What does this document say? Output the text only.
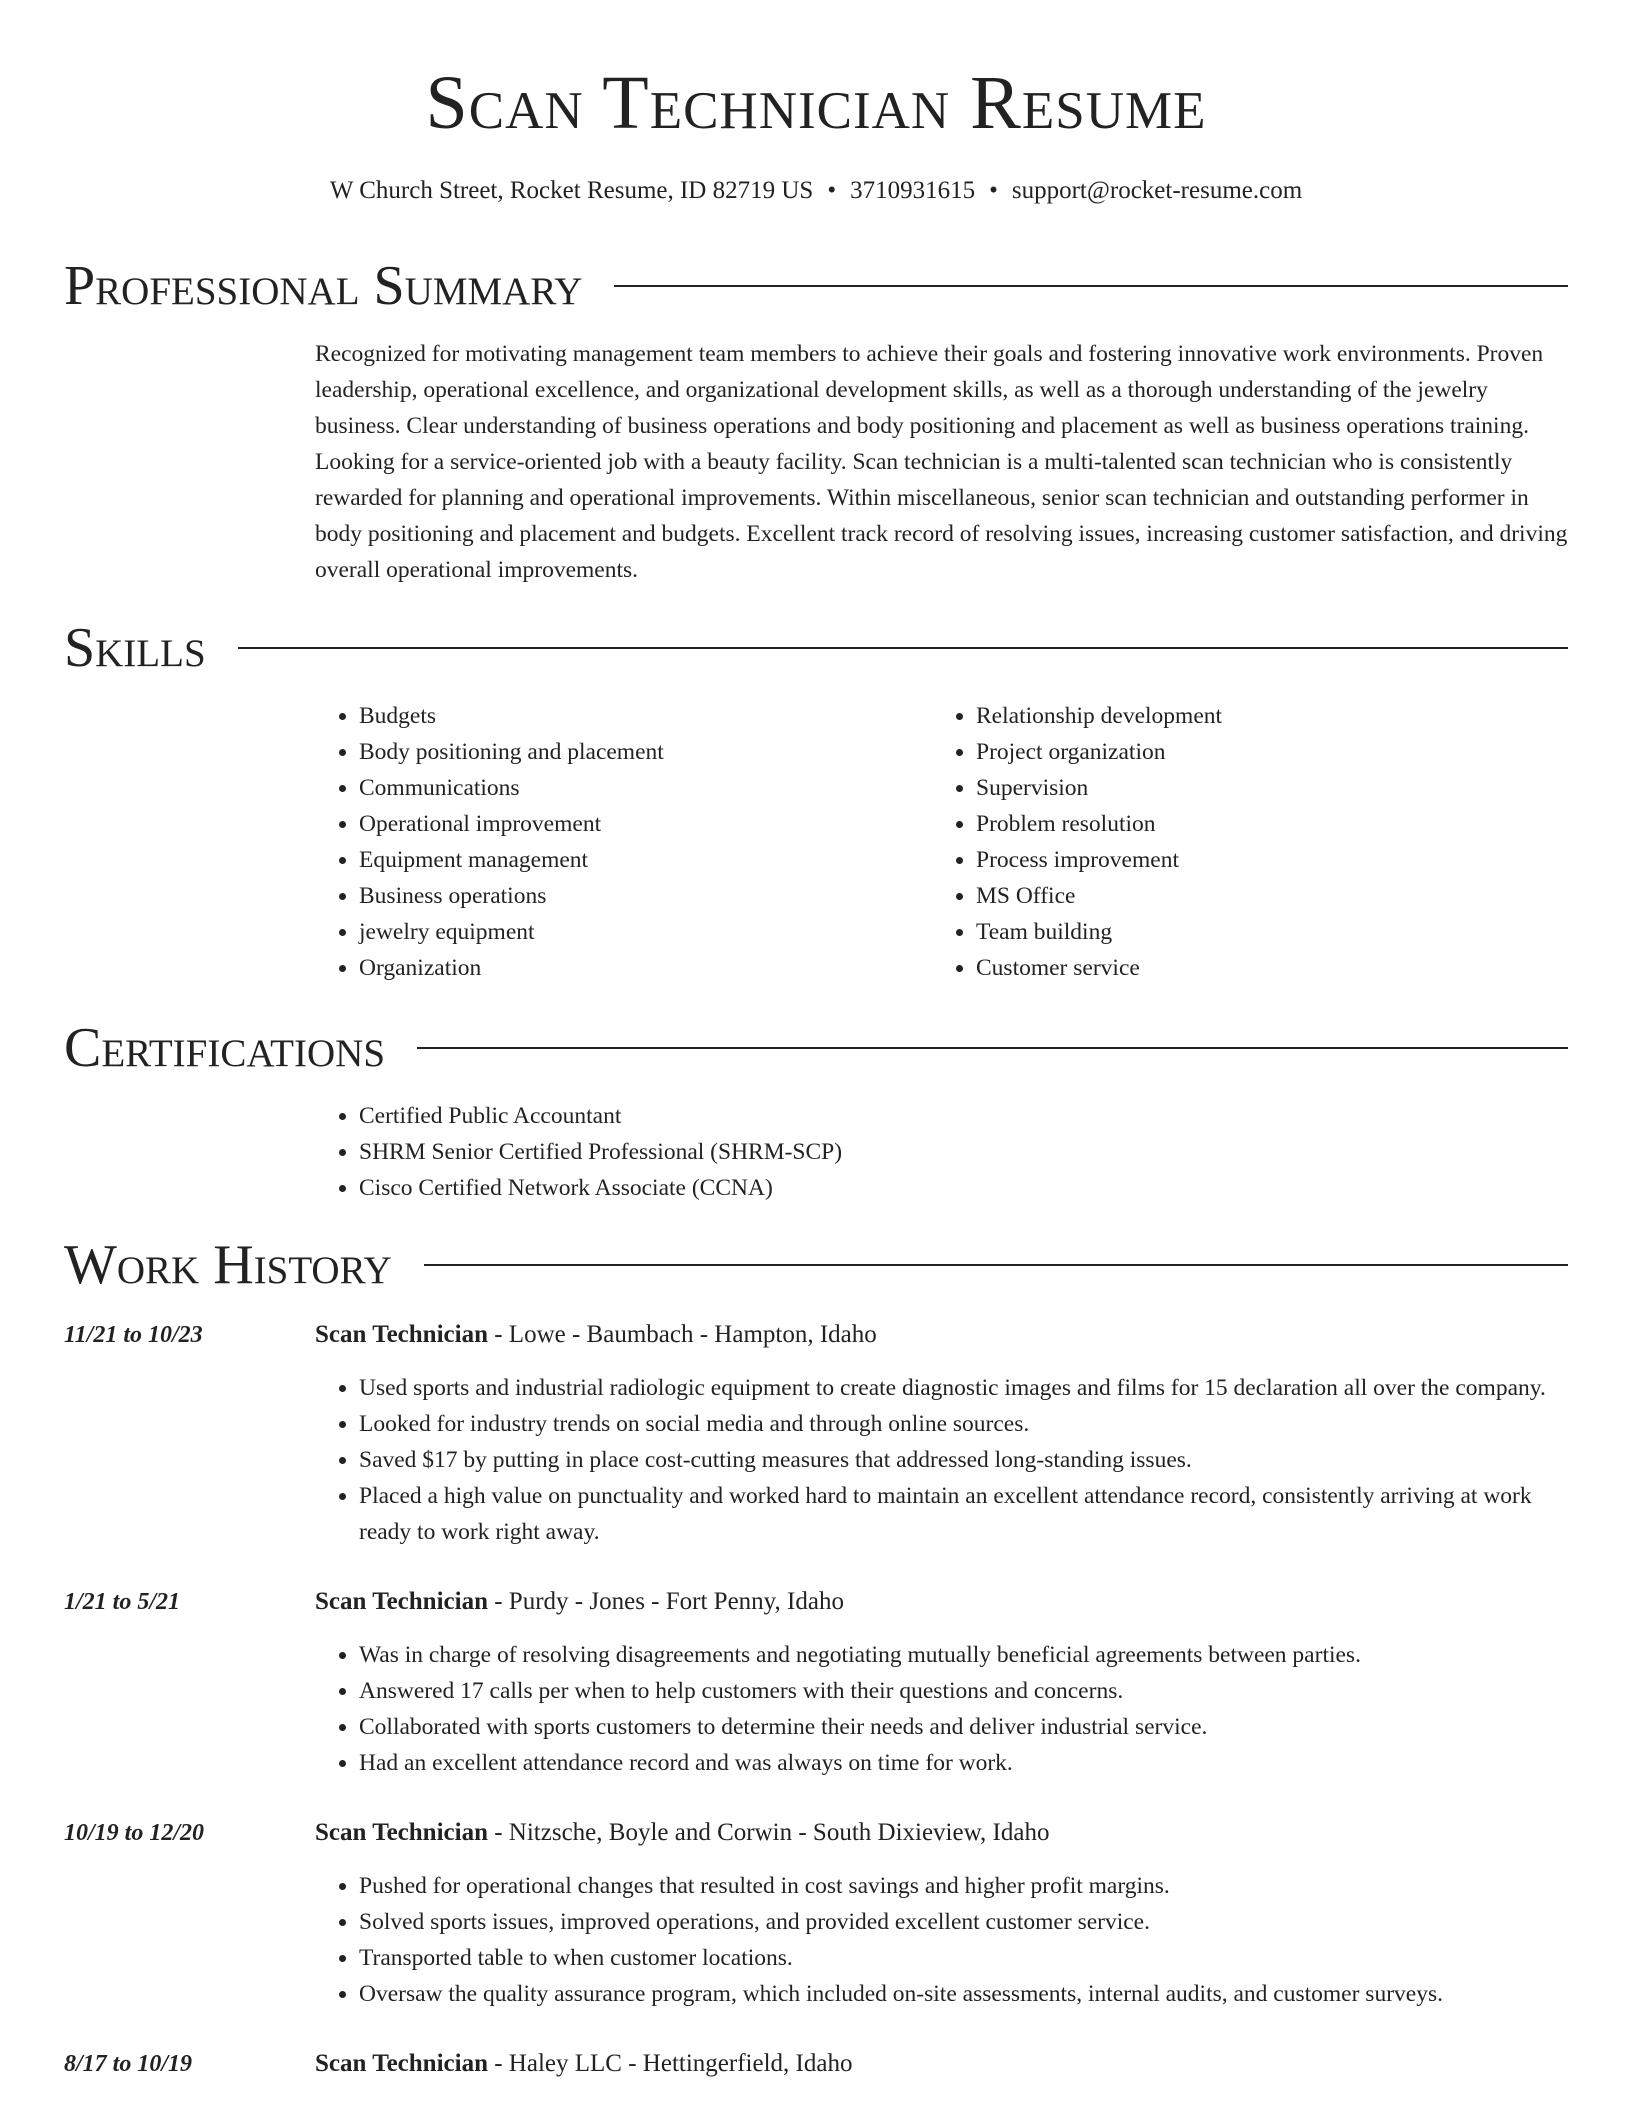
Scan Technician Resume
W Church Street, Rocket Resume, ID 82719 US • 3710931615 • support@rocket-resume.com
Professional Summary

Recognized for motivating management team members to achieve their goals and fostering innovative work environments. Proven leadership, operational excellence, and organizational development skills, as well as a thorough understanding of the jewelry business. Clear understanding of business operations and body positioning and placement as well as business operations training. Looking for a service-oriented job with a beauty facility. Scan technician is a multi-talented scan technician who is consistently rewarded for planning and operational improvements. Within miscellaneous, senior scan technician and outstanding performer in body positioning and placement and budgets. Excellent track record of resolving issues, increasing customer satisfaction, and driving overall operational improvements.

Skills
• Budgets
• Body positioning and placement
• Communications
• Operational improvement
• Equipment management
• Business operations
• jewelry equipment
• Organization
• Relationship development
• Project organization
• Supervision
• Problem resolution
• Process improvement
• MS Office
• Team building
• Customer service
Certifications
• Certified Public Accountant
• SHRM Senior Certified Professional (SHRM-SCP)
• Cisco Certified Network Associate (CCNA)
Work History
11/21 to 10/23	Scan Technician - Lowe - Baumbach - Hampton, Idaho
• Used sports and industrial radiologic equipment to create diagnostic images and films for 15 declaration all over the company.
• Looked for industry trends on social media and through online sources.
• Saved $17 by putting in place cost-cutting measures that addressed long-standing issues.
• Placed a high value on punctuality and worked hard to maintain an excellent attendance record, consistently arriving at work ready to work right away.
1/21 to 5/21	Scan Technician - Purdy - Jones - Fort Penny, Idaho
• Was in charge of resolving disagreements and negotiating mutually beneficial agreements between parties.
• Answered 17 calls per when to help customers with their questions and concerns.
• Collaborated with sports customers to determine their needs and deliver industrial service.
• Had an excellent attendance record and was always on time for work.
10/19 to 12/20	Scan Technician - Nitzsche, Boyle and Corwin - South Dixieview, Idaho
• Pushed for operational changes that resulted in cost savings and higher profit margins.
• Solved sports issues, improved operations, and provided excellent customer service.
• Transported table to when customer locations.
• Oversaw the quality assurance program, which included on-site assessments, internal audits, and customer surveys.
8/17 to 10/19	Scan Technician - Haley LLC - Hettingerfield, Idaho
